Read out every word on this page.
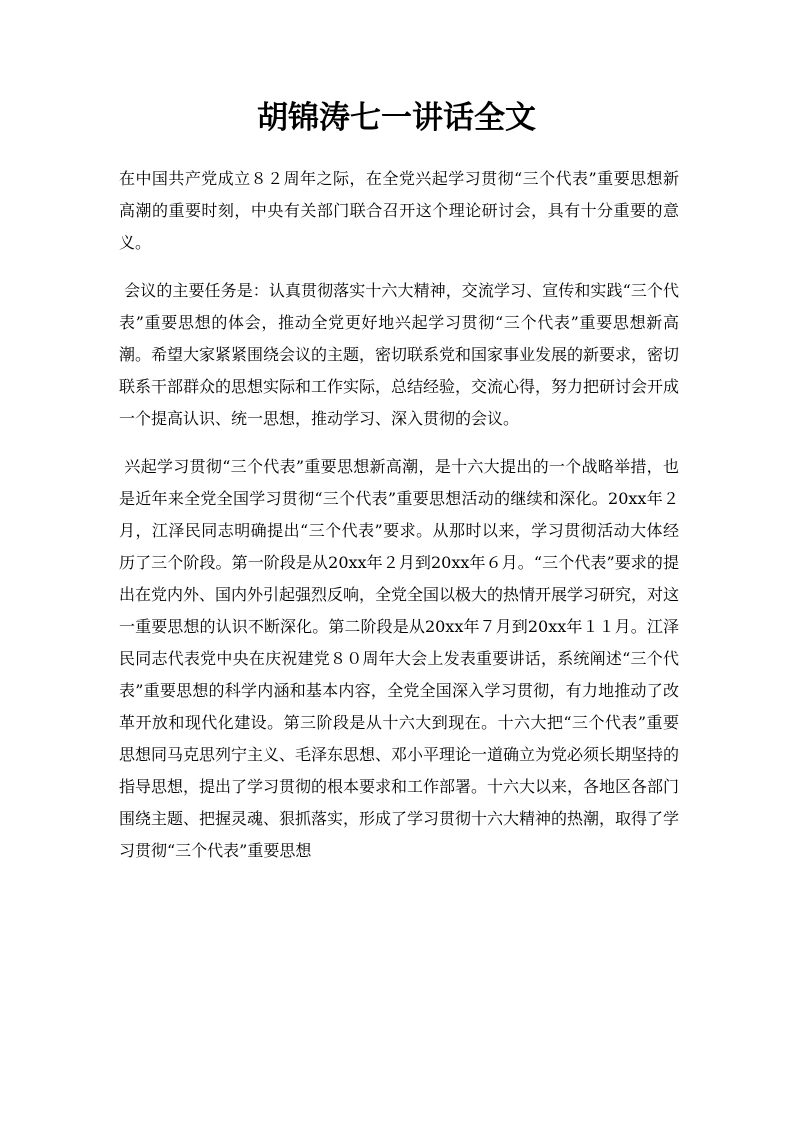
胡锦涛七一讲话全文

在中国共产党成立８２周年之际，在全党兴起学习贯彻“三个代表”重要思想新高潮的重要时刻，中央有关部门联合召开这个理论研讨会，具有十分重要的意义。

会议的主要任务是：认真贯彻落实十六大精神，交流学习、宣传和实践“三个代表”重要思想的体会，推动全党更好地兴起学习贯彻“三个代表”重要思想新高潮。希望大家紧紧围绕会议的主题，密切联系党和国家事业发展的新要求，密切联系干部群众的思想实际和工作实际，总结经验，交流心得，努力把研讨会开成一个提高认识、统一思想，推动学习、深入贯彻的会议。

兴起学习贯彻“三个代表”重要思想新高潮，是十六大提出的一个战略举措，也是近年来全党全国学习贯彻“三个代表”重要思想活动的继续和深化。20xx年２月，江泽民同志明确提出“三个代表”要求。从那时以来，学习贯彻活动大体经历了三个阶段。第一阶段是从20xx年２月到20xx年６月。“三个代表”要求的提出在党内外、国内外引起强烈反响，全党全国以极大的热情开展学习研究，对这一重要思想的认识不断深化。第二阶段是从20xx年７月到20xx年１１月。江泽民同志代表党中央在庆祝建党８０周年大会上发表重要讲话，系统阐述“三个代表”重要思想的科学内涵和基本内容，全党全国深入学习贯彻，有力地推动了改革开放和现代化建设。第三阶段是从十六大到现在。十六大把“三个代表”重要思想同马克思列宁主义、毛泽东思想、邓小平理论一道确立为党必须长期坚持的指导思想，提出了学习贯彻的根本要求和工作部署。十六大以来，各地区各部门围绕主题、把握灵魂、狠抓落实，形成了学习贯彻十六大精神的热潮，取得了学习贯彻“三个代表”重要思想
